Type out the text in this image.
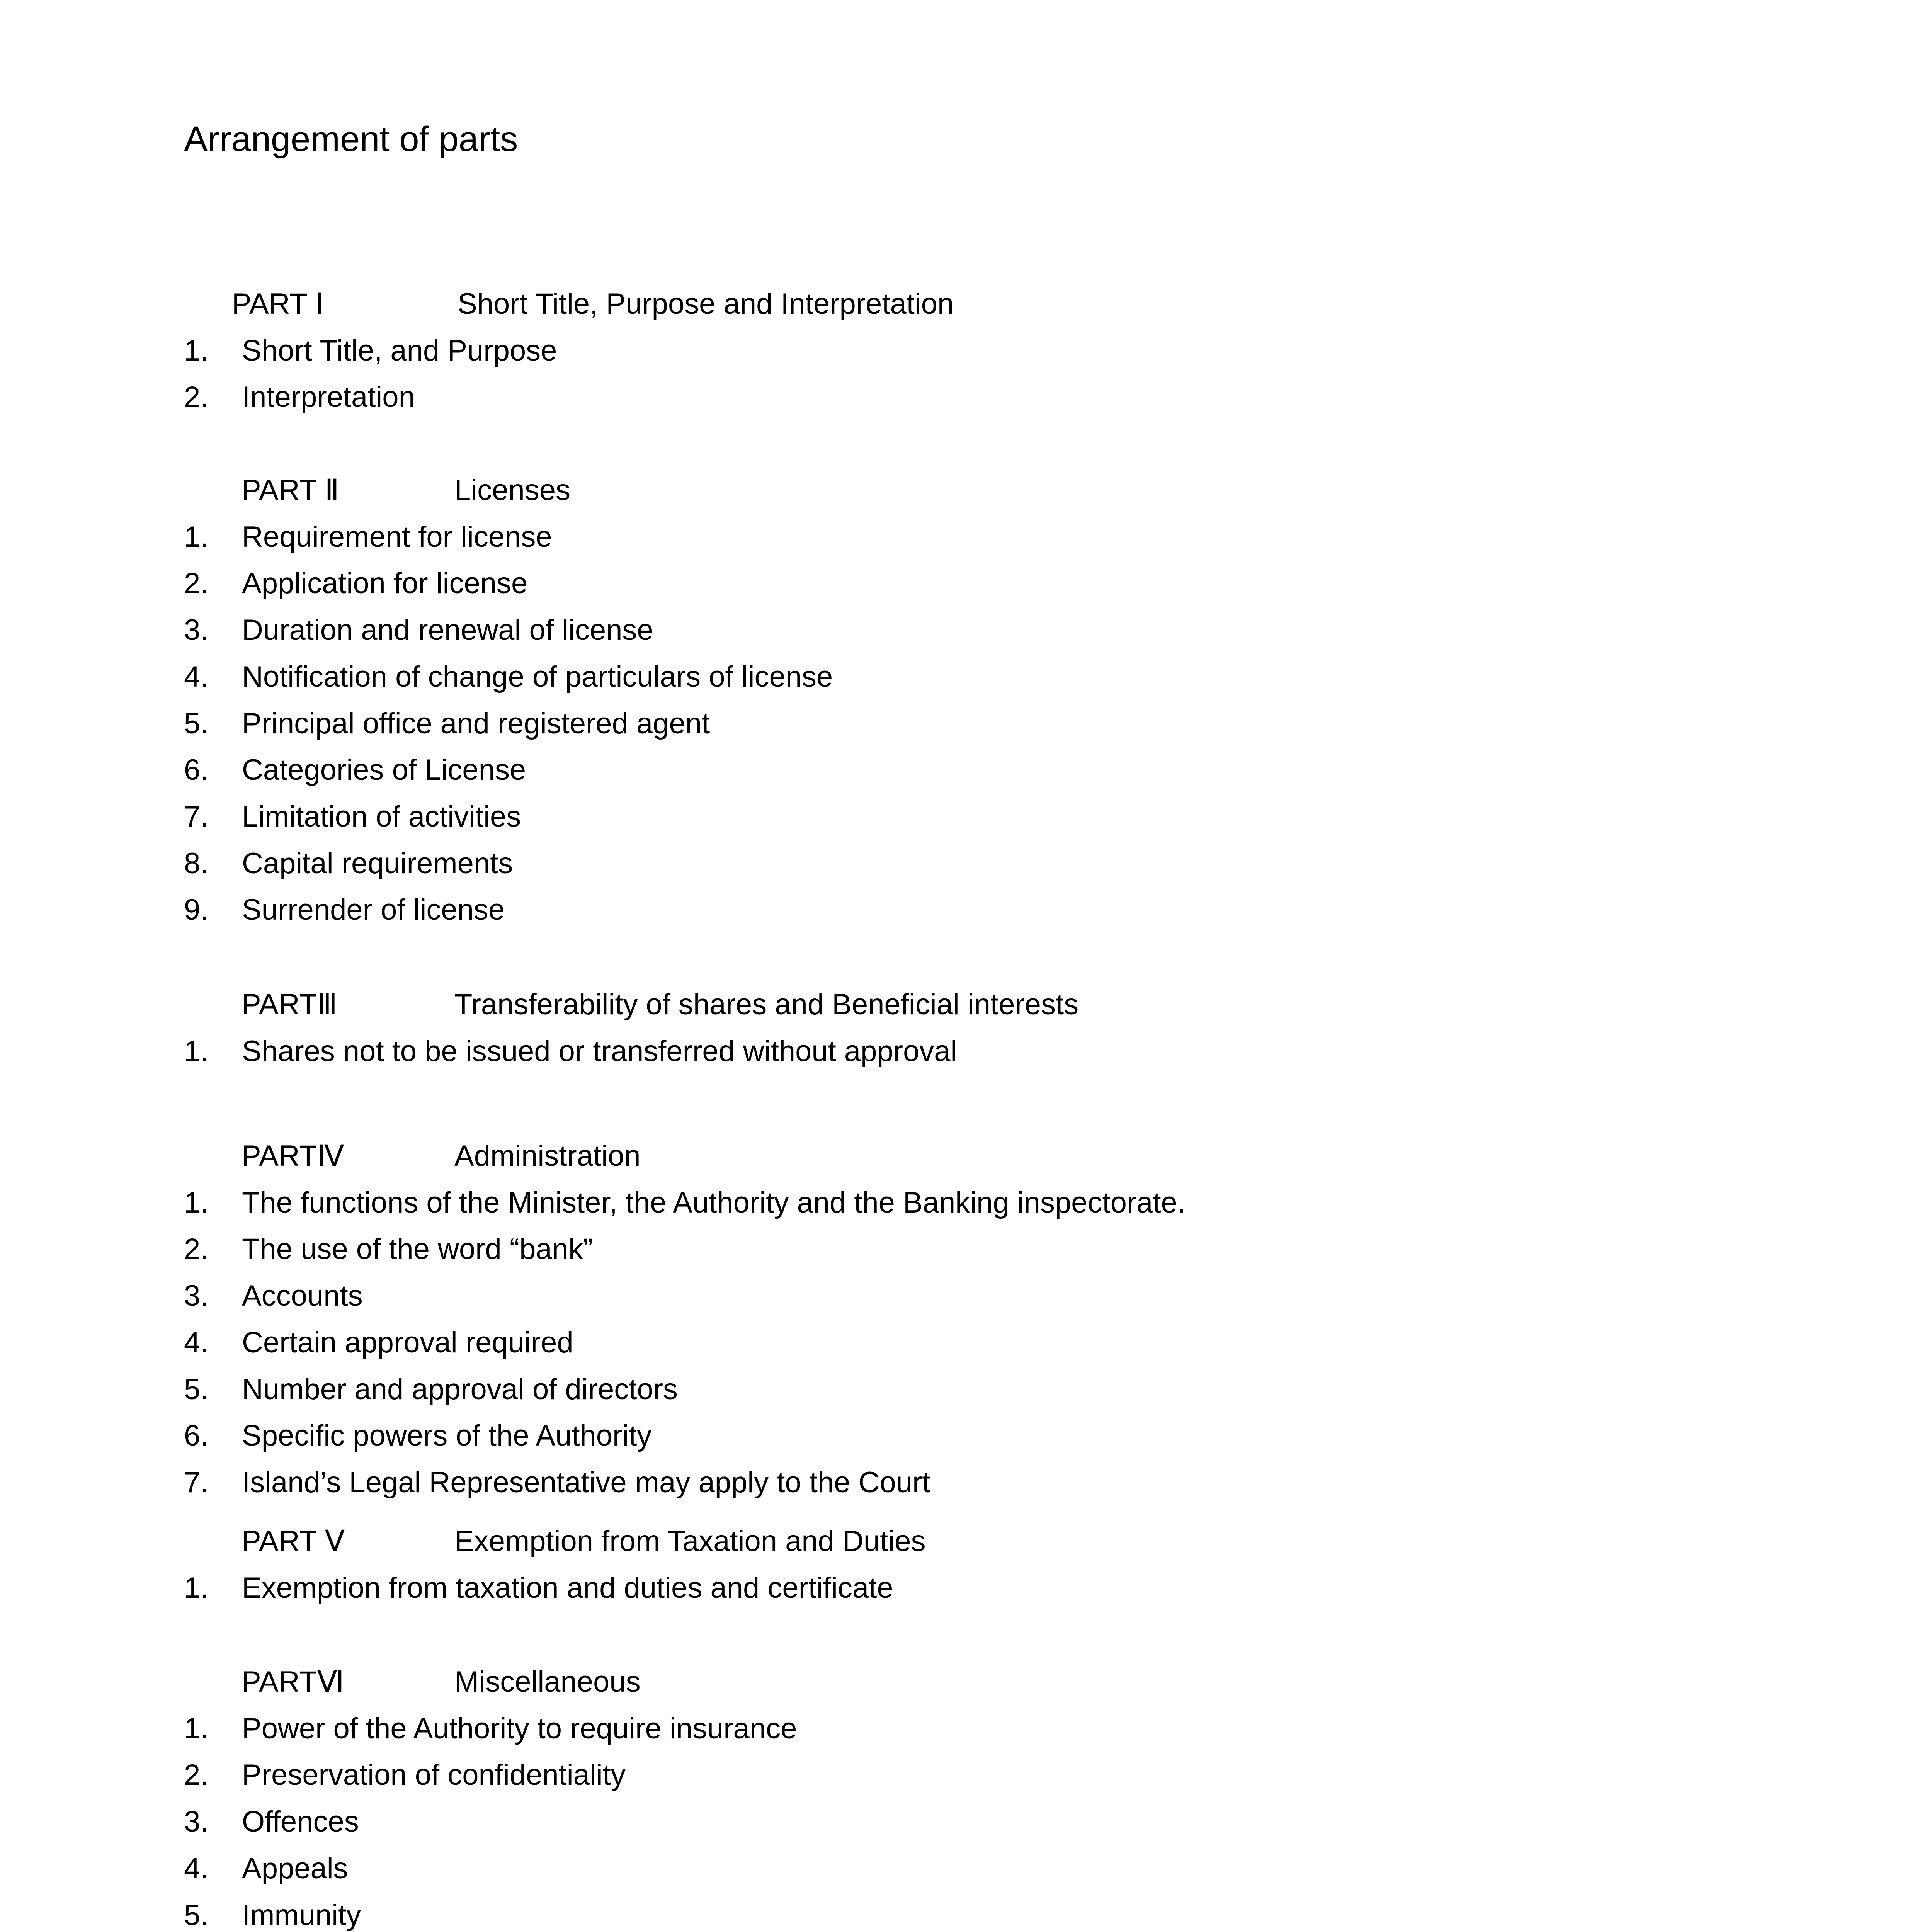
Arrangement of parts
PART Ⅰ	Short Title, Purpose and Interpretation
1. Short Title, and Purpose
2. Interpretation
PART Ⅱ	Licenses
1. Requirement for license
2. Application for license
3. Duration and renewal of license
4. Notification of change of particulars of license
5. Principal office and registered agent
6. Categories of License
7. Limitation of activities
8. Capital requirements
9. Surrender of license
PARTⅢ	Transferability of shares and Beneficial interests
1. Shares not to be issued or transferred without approval
PARTⅣ	Administration
1. The functions of the Minister, the Authority and the Banking inspectorate.
2. The use of the word “bank”
3. Accounts
4. Certain approval required
5. Number and approval of directors
6. Specific powers of the Authority
7. Island’s Legal Representative may apply to the Court
PART Ⅴ	Exemption from Taxation and Duties
1. Exemption from taxation and duties and certificate
PARTⅥ	Miscellaneous
1. Power of the Authority to require insurance
2. Preservation of confidentiality
3. Offences
4. Appeals
5. Immunity
